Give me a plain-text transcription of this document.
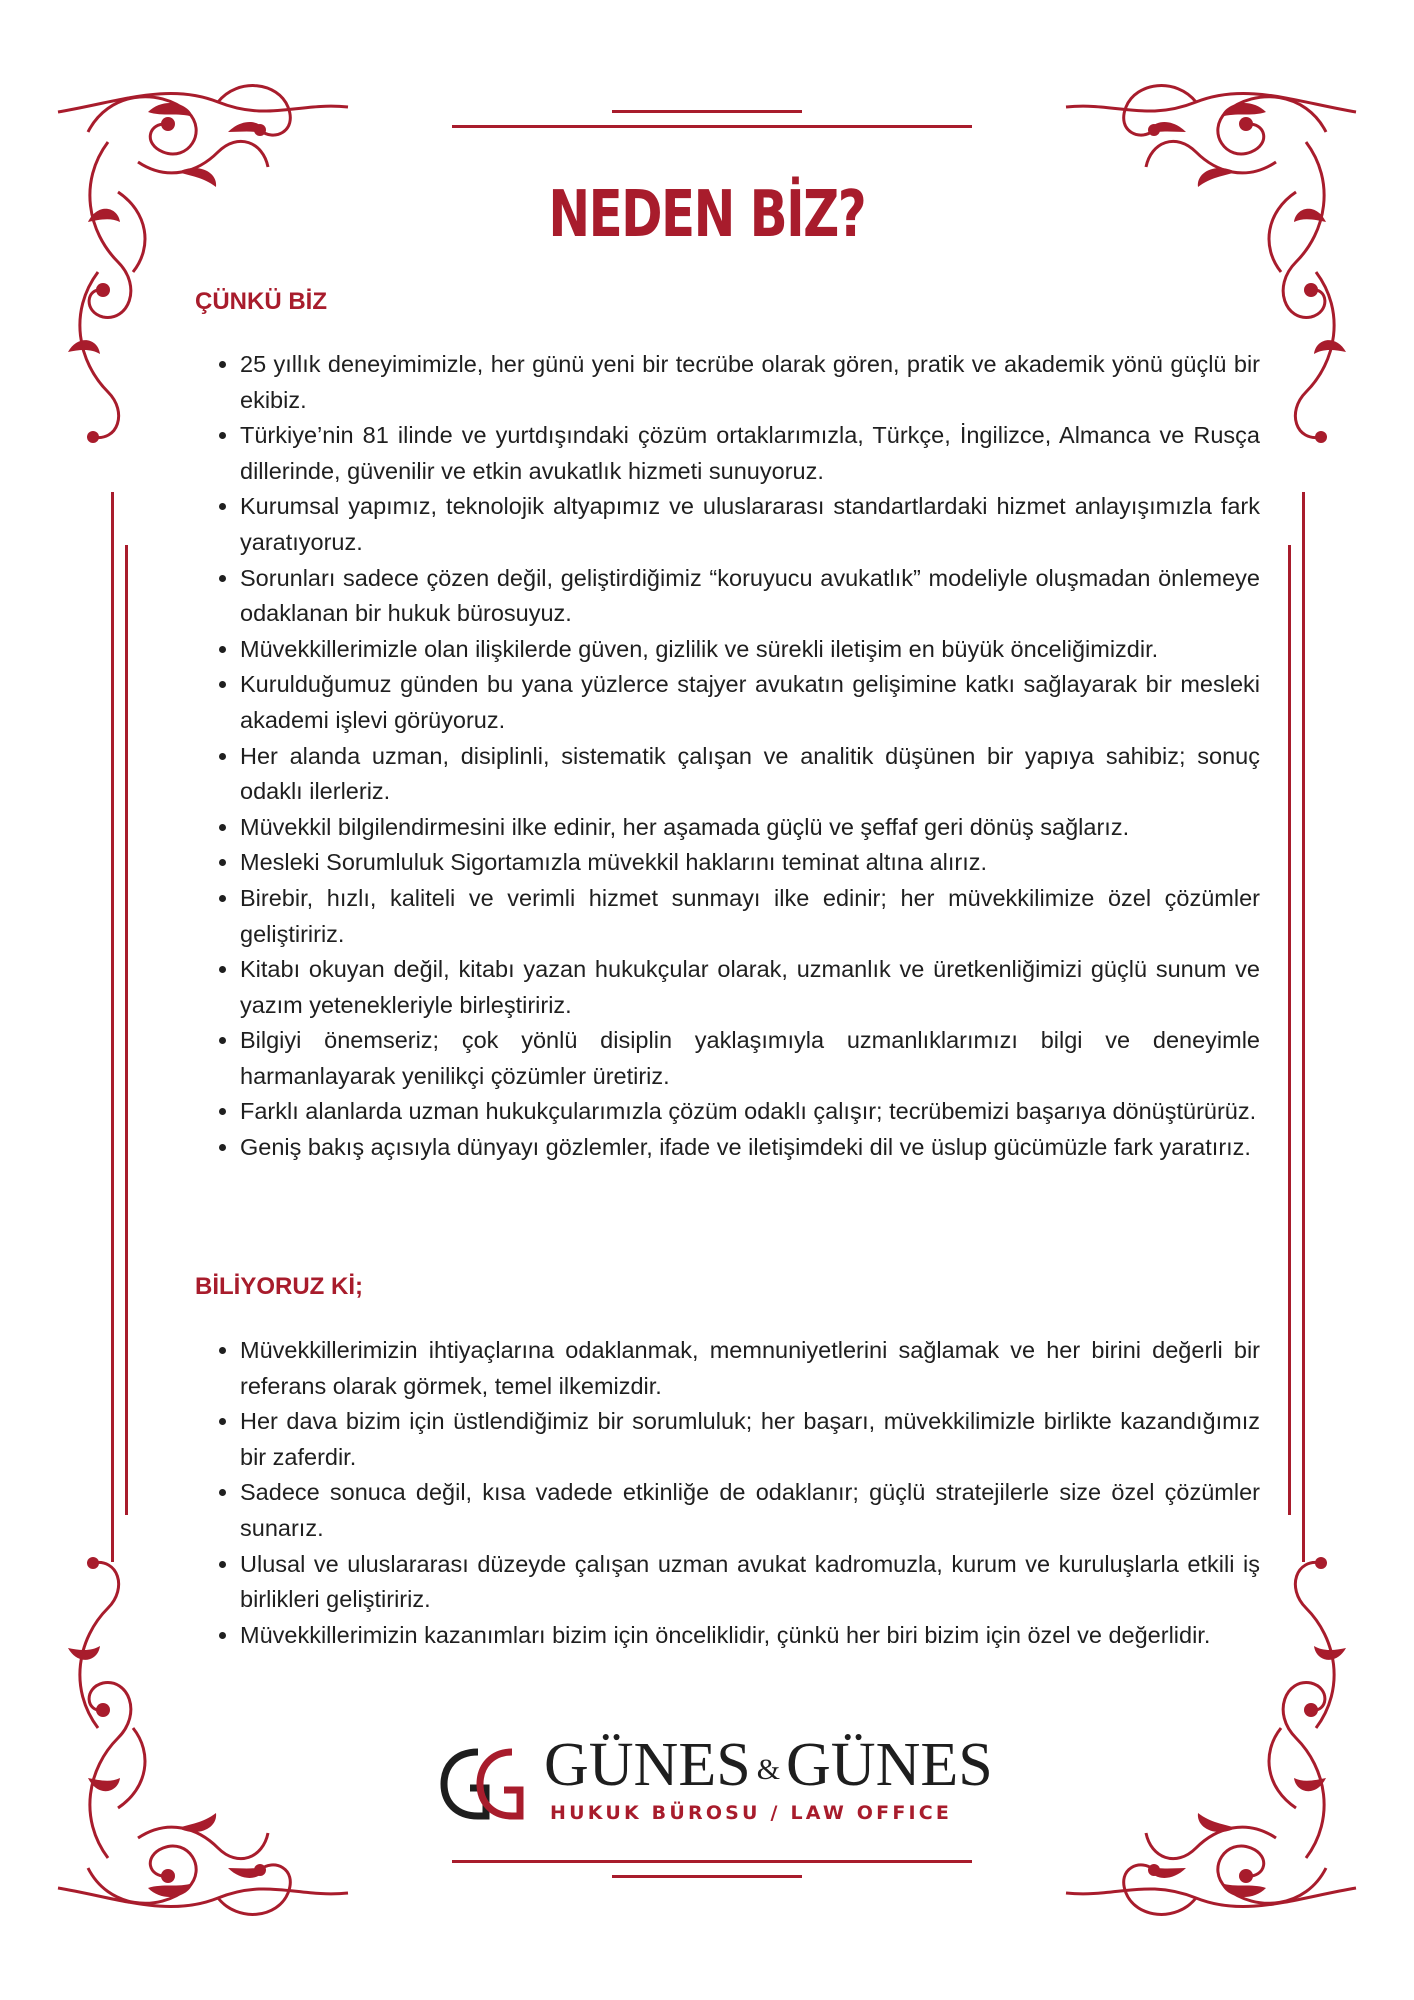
NEDEN BİZ?
ÇÜNKÜ BİZ
• 25 yıllık deneyimimizle, her günü yeni bir tecrübe olarak gören, pratik ve akademik yönü güçlü bir ekibiz.
• Türkiye’nin 81 ilinde ve yurtdışındaki çözüm ortaklarımızla, Türkçe, İngilizce, Almanca ve Rusça dillerinde, güvenilir ve etkin avukatlık hizmeti sunuyoruz.
• Kurumsal yapımız, teknolojik altyapımız ve uluslararası standartlardaki hizmet anlayışımızla fark yaratıyoruz.
• Sorunları sadece çözen değil, geliştirdiğimiz “koruyucu avukatlık” modeliyle oluşmadan önlemeye odaklanan bir hukuk bürosuyuz.
• Müvekkillerimizle olan ilişkilerde güven, gizlilik ve sürekli iletişim en büyük önceliğimizdir.
• Kurulduğumuz günden bu yana yüzlerce stajyer avukatın gelişimine katkı sağlayarak bir mesleki akademi işlevi görüyoruz.
• Her alanda uzman, disiplinli, sistematik çalışan ve analitik düşünen bir yapıya sahibiz; sonuç odaklı ilerleriz.
• Müvekkil bilgilendirmesini ilke edinir, her aşamada güçlü ve şeffaf geri dönüş sağlarız.
• Mesleki Sorumluluk Sigortamızla müvekkil haklarını teminat altına alırız.
• Birebir, hızlı, kaliteli ve verimli hizmet sunmayı ilke edinir; her müvekkilimize özel çözümler geliştiririz.
• Kitabı okuyan değil, kitabı yazan hukukçular olarak, uzmanlık ve üretkenliğimizi güçlü sunum ve yazım yetenekleriyle birleştiririz.
• Bilgiyi önemseriz; çok yönlü disiplin yaklaşımıyla uzmanlıklarımızı bilgi ve deneyimle harmanlayarak yenilikçi çözümler üretiriz.
• Farklı alanlarda uzman hukukçularımızla çözüm odaklı çalışır; tecrübemizi başarıya dönüştürürüz.
• Geniş bakış açısıyla dünyayı gözlemler, ifade ve iletişimdeki dil ve üslup gücümüzle fark yaratırız.
BİLİYORUZ Kİ;
• Müvekkillerimizin ihtiyaçlarına odaklanmak, memnuniyetlerini sağlamak ve her birini değerli bir referans olarak görmek, temel ilkemizdir.
• Her dava bizim için üstlendiğimiz bir sorumluluk; her başarı, müvekkilimizle birlikte kazandığımız bir zaferdir.
• Sadece sonuca değil, kısa vadede etkinliğe de odaklanır; güçlü stratejilerle size özel çözümler sunarız.
• Ulusal ve uluslararası düzeyde çalışan uzman avukat kadromuzla, kurum ve kuruluşlarla etkili iş birlikleri geliştiririz.
• Müvekkillerimizin kazanımları bizim için önceliklidir, çünkü her biri bizim için özel ve değerlidir.
GÜNES &GÜNES
HUKUK BÜROSU / LAW OFFICE
